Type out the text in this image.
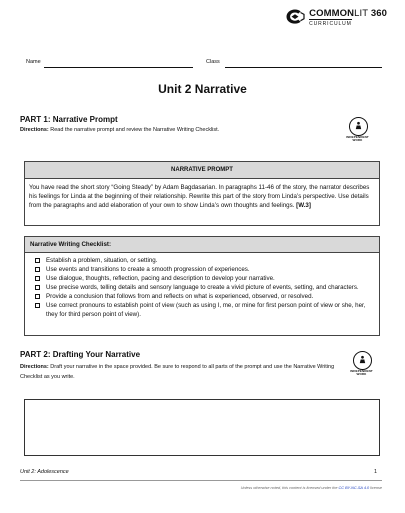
COMMONLIT 360
CURRICULUM
Name	Class
Unit 2 Narrative
PART 1: Narrative Prompt
Directions: Read the narrative prompt and review the Narrative Writing Checklist.
INDEPENDENT WORK
NARRATIVE PROMPT
You have read the short story “Going Steady” by Adam Bagdasarian. In paragraphs 11-46 of the story, the narrator describes his feelings for Linda at the beginning of their relationship. Rewrite this part of the story from Linda’s perspective. Use details from the paragraphs and add elaboration of your own to show Linda’s own thoughts and feelings. [W.3]
Narrative Writing Checklist:
Establish a problem, situation, or setting.
Use events and transitions to create a smooth progression of experiences.
Use dialogue, thoughts, reflection, pacing and description to develop your narrative.
Use precise words, telling details and sensory language to create a vivid picture of events, setting, and characters.
Provide a conclusion that follows from and reflects on what is experienced, observed, or resolved.
Use correct pronouns to establish point of view (such as using I, me, or mine for first person point of view or she, her, they for third person point of view).
PART 2: Drafting Your Narrative
Directions: Draft your narrative in the space provided. Be sure to respond to all parts of the prompt and use the Narrative Writing Checklist as you write.
INDEPENDENT WORK
Unit 2: Adolescence	1
Unless otherwise noted, this content is licensed under the CC BY-NC-SA 4.0 license
